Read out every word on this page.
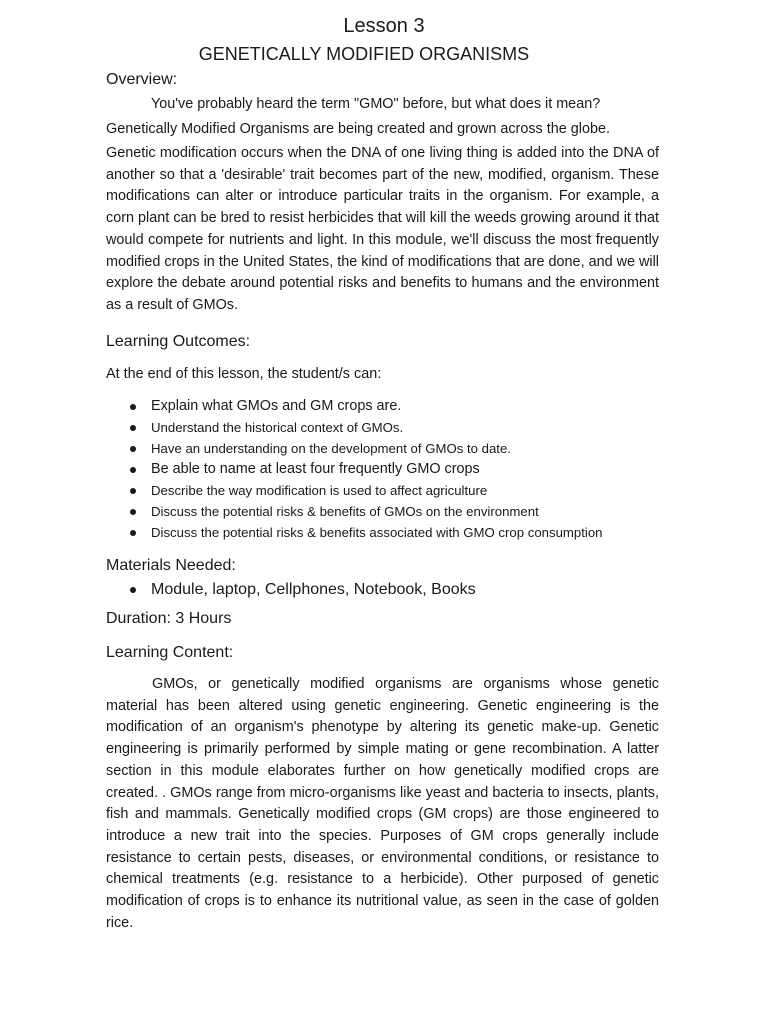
Lesson 3
GENETICALLY MODIFIED ORGANISMS
Overview:
You've probably heard the term "GMO" before, but what does it mean?
Genetically Modified Organisms are being created and grown across the globe.

Genetic modification occurs when the DNA of one living thing is added into the DNA of another so that a 'desirable' trait becomes part of the new, modified, organism. These modifications can alter or introduce particular traits in the organism. For example, a corn plant can be bred to resist herbicides that will kill the weeds growing around it that would compete for nutrients and light. In this module, we'll discuss the most frequently modified crops in the United States, the kind of modifications that are done, and we will explore the debate around potential risks and benefits to humans and the environment as a result of GMOs.

Learning Outcomes:
At the end of this lesson, the student/s can:
Explain what GMOs and GM crops are.
Understand the historical context of GMOs.
Have an understanding on the development of GMOs to date.
Be able to name at least four frequently GMO crops
Describe the way modification is used to affect agriculture
Discuss the potential risks & benefits of GMOs on the environment
Discuss the potential risks & benefits associated with GMO crop consumption
Materials Needed:
Module, laptop, Cellphones, Notebook, Books
Duration: 3 Hours
Learning Content:

GMOs, or genetically modified organisms are organisms whose genetic material has been altered using genetic engineering. Genetic engineering is the modification of an organism's phenotype by altering its genetic make-up. Genetic engineering is primarily performed by simple mating or gene recombination. A latter section in this module elaborates further on how genetically modified crops are created. . GMOs range from micro-organisms like yeast and bacteria to insects, plants, fish and mammals. Genetically modified crops (GM crops) are those engineered to introduce a new trait into the species. Purposes of GM crops generally include resistance to certain pests, diseases, or environmental conditions, or resistance to chemical treatments (e.g. resistance to a herbicide). Other purposed of genetic modification of crops is to enhance its nutritional value, as seen in the case of golden rice.
